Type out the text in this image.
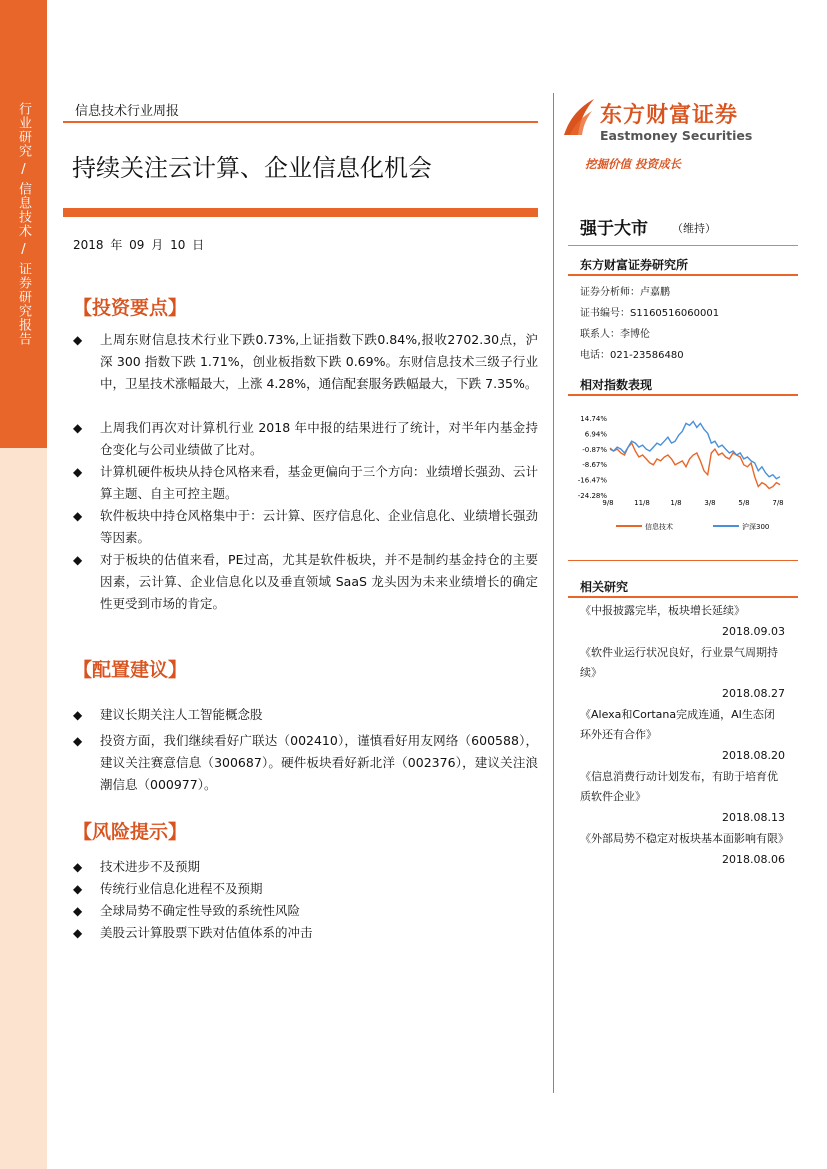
行业研究
/
信息技术
/
证券研究报告
信息技术行业周报
持续关注云计算、企业信息化机会
2018 年 09 月 10 日
【投资要点】
◆ 上周东财信息技术行业下跌0.73%,上证指数下跌0.84%,报收2702.30点，沪深 300 指数下跌 1.71%，创业板指数下跌 0.69%。东财信息技术三级子行业中，卫星技术涨幅最大，上涨 4.28%，通信配套服务跌幅最大，下跌 7.35%。
◆ 上周我们再次对计算机行业 2018 年中报的结果进行了统计，对半年内基金持仓变化与公司业绩做了比对。
◆ 计算机硬件板块从持仓风格来看，基金更偏向于三个方向：业绩增长强劲、云计算主题、自主可控主题。
◆ 软件板块中持仓风格集中于：云计算、医疗信息化、企业信息化、业绩增长强劲等因素。
◆ 对于板块的估值来看，PE过高，尤其是软件板块，并不是制约基金持仓的主要因素，云计算、企业信息化以及垂直领域 SaaS 龙头因为未来业绩增长的确定性更受到市场的肯定。
【配置建议】
◆ 建议长期关注人工智能概念股
◆ 投资方面，我们继续看好广联达（002410），谨慎看好用友网络（600588），建议关注赛意信息（300687）。硬件板块看好新北洋（002376），建议关注浪潮信息（000977）。
【风险提示】
◆ 技术进步不及预期
◆ 传统行业信息化进程不及预期
◆ 全球局势不确定性导致的系统性风险
◆ 美股云计算股票下跌对估值体系的冲击
东方财富证券
Eastmoney Securities
挖掘价值 投资成长
强于大市 （维持）
东方财富证券研究所
证券分析师：卢嘉鹏
证书编号：S1160516060001
联系人：李博伦
电话：021-23586480
相对指数表现
14.74%
6.94%
-0.87%
-8.67%
-16.47%
-24.28%
9/8	11/8	1/8	3/8	5/8	7/8
信息技术	沪深300
相关研究
《中报披露完毕，板块增长延续》
2018.09.03
《软件业运行状况良好，行业景气周期持续》
2018.08.27
《Alexa和Cortana完成连通，AI生态闭环外还有合作》
2018.08.20
《信息消费行动计划发布，有助于培育优质软件企业》
2018.08.13
《外部局势不稳定对板块基本面影响有限》
2018.08.06
